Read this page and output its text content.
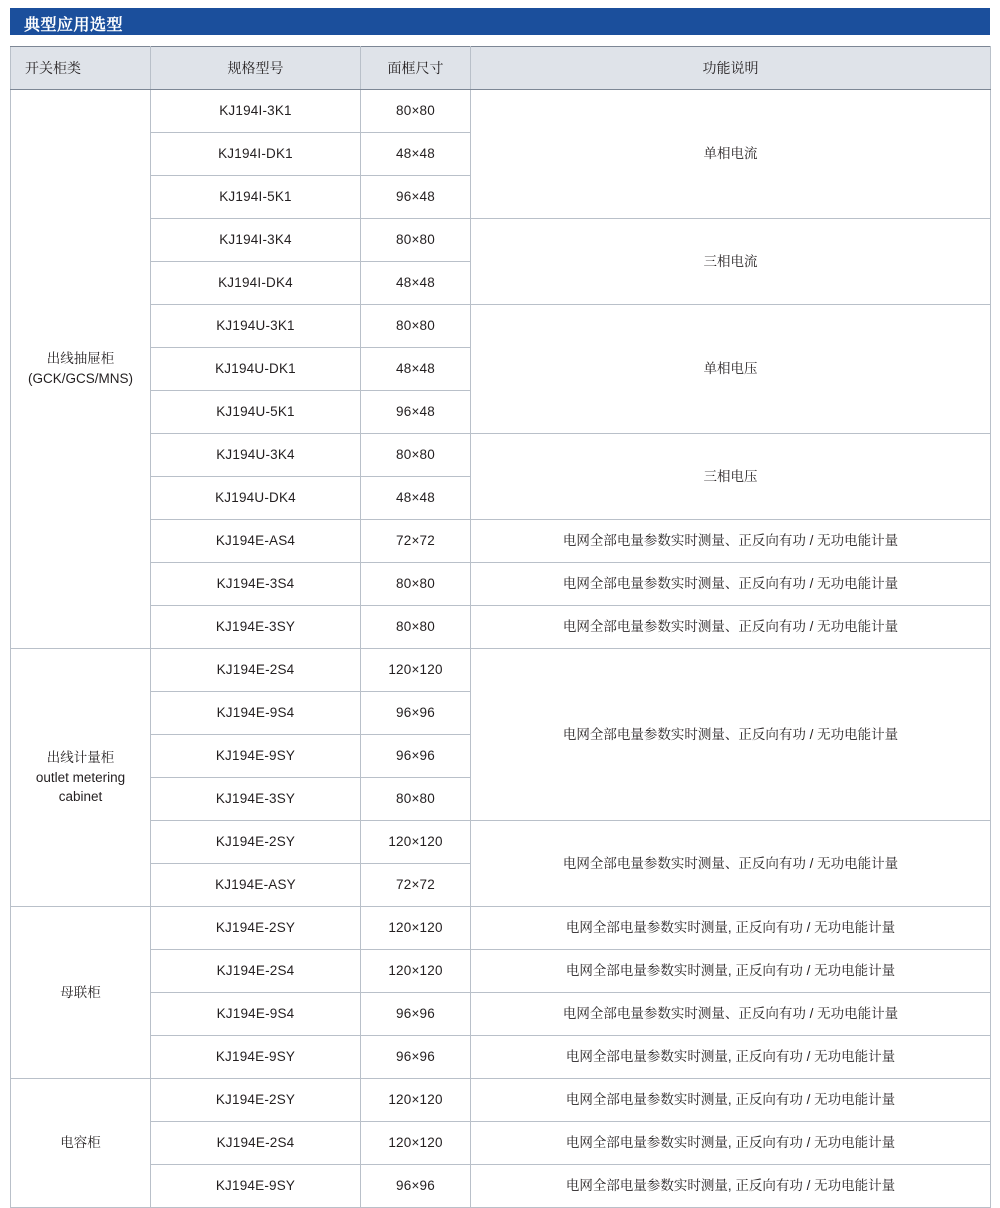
典型应用选型
开关柜类	规格型号	面框尺寸	功能说明

出线抽屉柜
(GCK/GCS/MNS)	KJ194I-3K1	80×80	单相电流
	KJ194I-DK1	48×48	
	KJ194I-5K1	96×48	
	KJ194I-3K4	80×80	三相电流
	KJ194I-DK4	48×48	
	KJ194U-3K1	80×80	单相电压
	KJ194U-DK1	48×48	
	KJ194U-5K1	96×48	
	KJ194U-3K4	80×80	三相电压
	KJ194U-DK4	48×48	
	KJ194E-AS4	72×72	电网全部电量参数实时测量、正反向有功 / 无功电能计量
	KJ194E-3S4	80×80	电网全部电量参数实时测量、正反向有功 / 无功电能计量
	KJ194E-3SY	80×80	电网全部电量参数实时测量、正反向有功 / 无功电能计量

出线计量柜
outlet metering
cabinet	KJ194E-2S4	120×120	电网全部电量参数实时测量、正反向有功 / 无功电能计量
	KJ194E-9S4	96×96	
	KJ194E-9SY	96×96	
	KJ194E-3SY	80×80	
	KJ194E-2SY	120×120	电网全部电量参数实时测量、正反向有功 / 无功电能计量
	KJ194E-ASY	72×72	

母联柜	KJ194E-2SY	120×120	电网全部电量参数实时测量, 正反向有功 / 无功电能计量
	KJ194E-2S4	120×120	电网全部电量参数实时测量, 正反向有功 / 无功电能计量
	KJ194E-9S4	96×96	电网全部电量参数实时测量、正反向有功 / 无功电能计量
	KJ194E-9SY	96×96	电网全部电量参数实时测量, 正反向有功 / 无功电能计量

电容柜	KJ194E-2SY	120×120	电网全部电量参数实时测量, 正反向有功 / 无功电能计量
	KJ194E-2S4	120×120	电网全部电量参数实时测量, 正反向有功 / 无功电能计量
	KJ194E-9SY	96×96	电网全部电量参数实时测量, 正反向有功 / 无功电能计量
